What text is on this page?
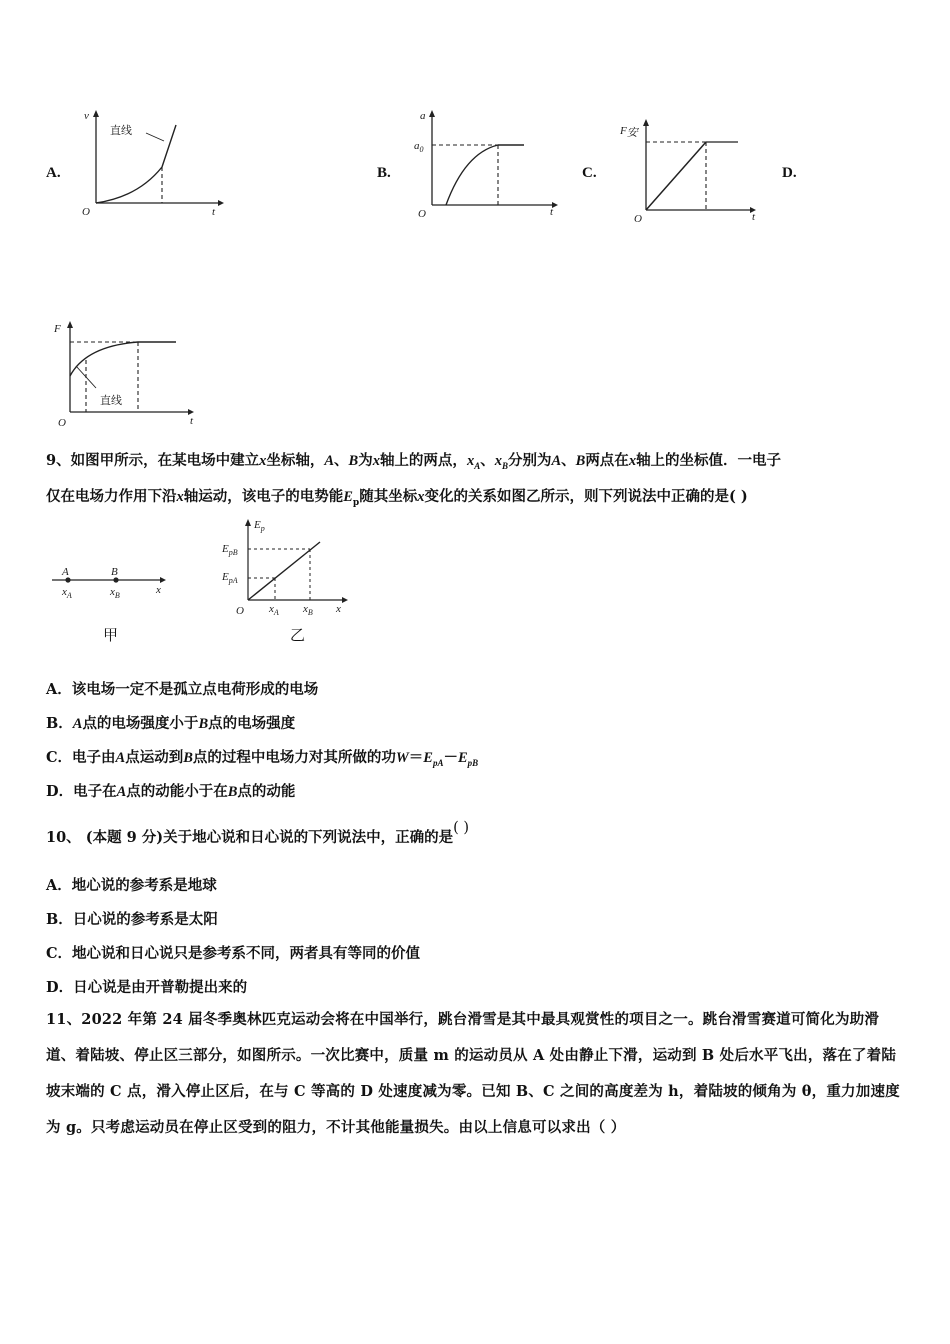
A.
v
t
O
直线
B.
a
t
O
$a_0$
C.
F安
t
O
D.
F
t
O
直线
9、如图甲所示，在某电场中建立x坐标轴，A、B为x轴上的两点，$x_A$、$x_B$分别为A、B两点在x轴上的坐标值．一电子
仅在电场力作用下沿x轴运动，该电子的电势能$E_p$随其坐标x变化的关系如图乙所示，则下列说法中正确的是( )
A	B
$x_A$	$x_B$	x
甲
$E_p$
$E_{pB}$
$E_{pA}$
O $x_A$ $x_B$ x
乙
A．该电场一定不是孤立点电荷形成的电场
B．A点的电场强度小于B点的电场强度
C．电子由A点运动到B点的过程中电场力对其所做的功$W=E_{pA}-E_{pB}$
D．电子在A点的动能小于在B点的动能
10、 (本题 9 分)关于地心说和日心说的下列说法中，正确的是( )
A．地心说的参考系是地球
B．日心说的参考系是太阳
C．地心说和日心说只是参考系不同，两者具有等同的价值
D．日心说是由开普勒提出来的
11、2022 年第 24 届冬季奥林匹克运动会将在中国举行，跳台滑雪是其中最具观赏性的项目之一。跳台滑雪赛道可简化为助滑道、着陆坡、停止区三部分，如图所示。一次比赛中，质量 m 的运动员从 A 处由静止下滑，运动到 B 处后水平飞出，落在了着陆坡末端的 C 点，滑入停止区后，在与 C 等高的 D 处速度减为零。已知 B、C 之间的高度差为 h，着陆坡的倾角为 θ，重力加速度为 g。只考虑运动员在停止区受到的阻力，不计其他能量损失。由以上信息可以求出（ ）
